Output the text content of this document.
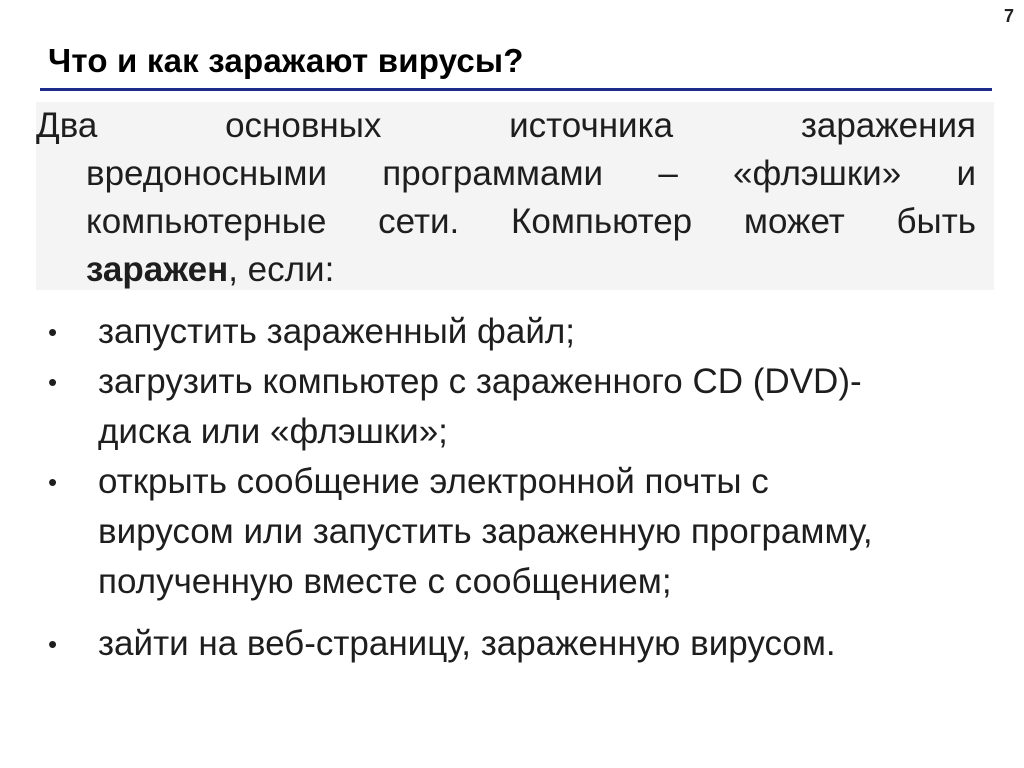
7
Что и как заражают вирусы?
Два	основных	источника	заражения
вредоносными программами – «флэшки» и
компьютерные сети. Компьютер может быть
заражен, если:
• запустить зараженный файл;
• загрузить компьютер с зараженного CD (DVD)-
диска или «флэшки»;
• открыть сообщение электронной почты с
вирусом или запустить зараженную программу,
полученную вместе с сообщением;
• зайти на веб-страницу, зараженную вирусом.
